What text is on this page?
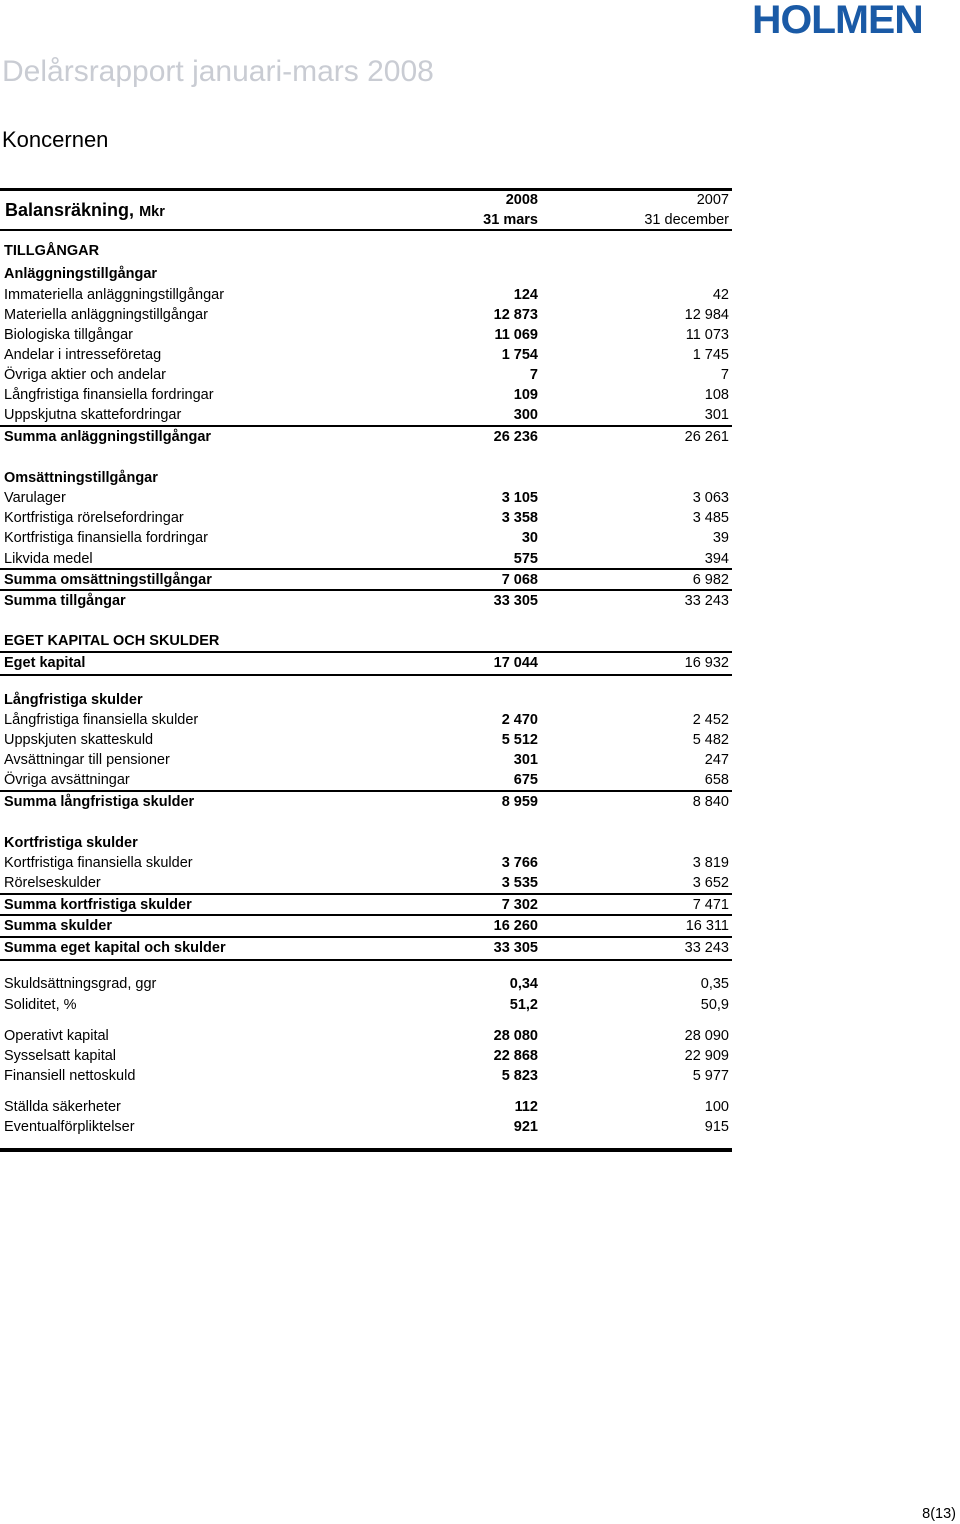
HOLMEN
Delårsrapport januari-mars 2008
Koncernen
Balansräkning, Mkr
2008
31 mars
2007
31 december
TILLGÅNGAR
Anläggningstillgångar
Immateriella anläggningstillgångar	124	42
Materiella anläggningstillgångar	12 873	12 984
Biologiska tillgångar	11 069	11 073
Andelar i intresseföretag	1 754	1 745
Övriga aktier och andelar	7	7
Långfristiga finansiella fordringar	109	108
Uppskjutna skattefordringar	300	301
Summa anläggningstillgångar	26 236	26 261
Omsättningstillgångar
Varulager	3 105	3 063
Kortfristiga rörelsefordringar	3 358	3 485
Kortfristiga finansiella fordringar	30	39
Likvida medel	575	394
Summa omsättningstillgångar	7 068	6 982
Summa tillgångar	33 305	33 243
EGET KAPITAL OCH SKULDER
Eget kapital	17 044	16 932
Långfristiga skulder
Långfristiga finansiella skulder	2 470	2 452
Uppskjuten skatteskuld	5 512	5 482
Avsättningar till pensioner	301	247
Övriga avsättningar	675	658
Summa långfristiga skulder	8 959	8 840
Kortfristiga skulder
Kortfristiga finansiella skulder	3 766	3 819
Rörelseskulder	3 535	3 652
Summa kortfristiga skulder	7 302	7 471
Summa skulder	16 260	16 311
Summa eget kapital och skulder	33 305	33 243
Skuldsättningsgrad, ggr	0,34	0,35
Soliditet, %	51,2	50,9
Operativt kapital	28 080	28 090
Sysselsatt kapital	22 868	22 909
Finansiell nettoskuld	5 823	5 977
Ställda säkerheter	112	100
Eventualförpliktelser	921	915
8(13)
